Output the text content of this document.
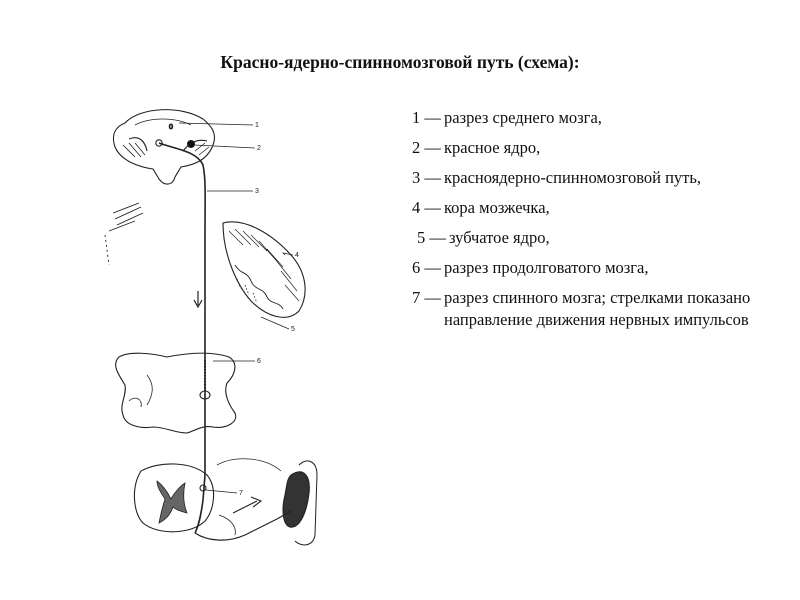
Красно-ядерно-спинномозговой путь (схема):
1 — разрез среднего мозга,
2 — красное ядро,
3 — красноядерно-спинномозговой путь,
4 — кора мозжечка,
5 — зубчатое ядро,
6 — разрез продолговатого мозга,
7 — разрез спинного мозга; стрелками показано направление движения нервных импульсов
0	1
2
3
4
5
6
7
